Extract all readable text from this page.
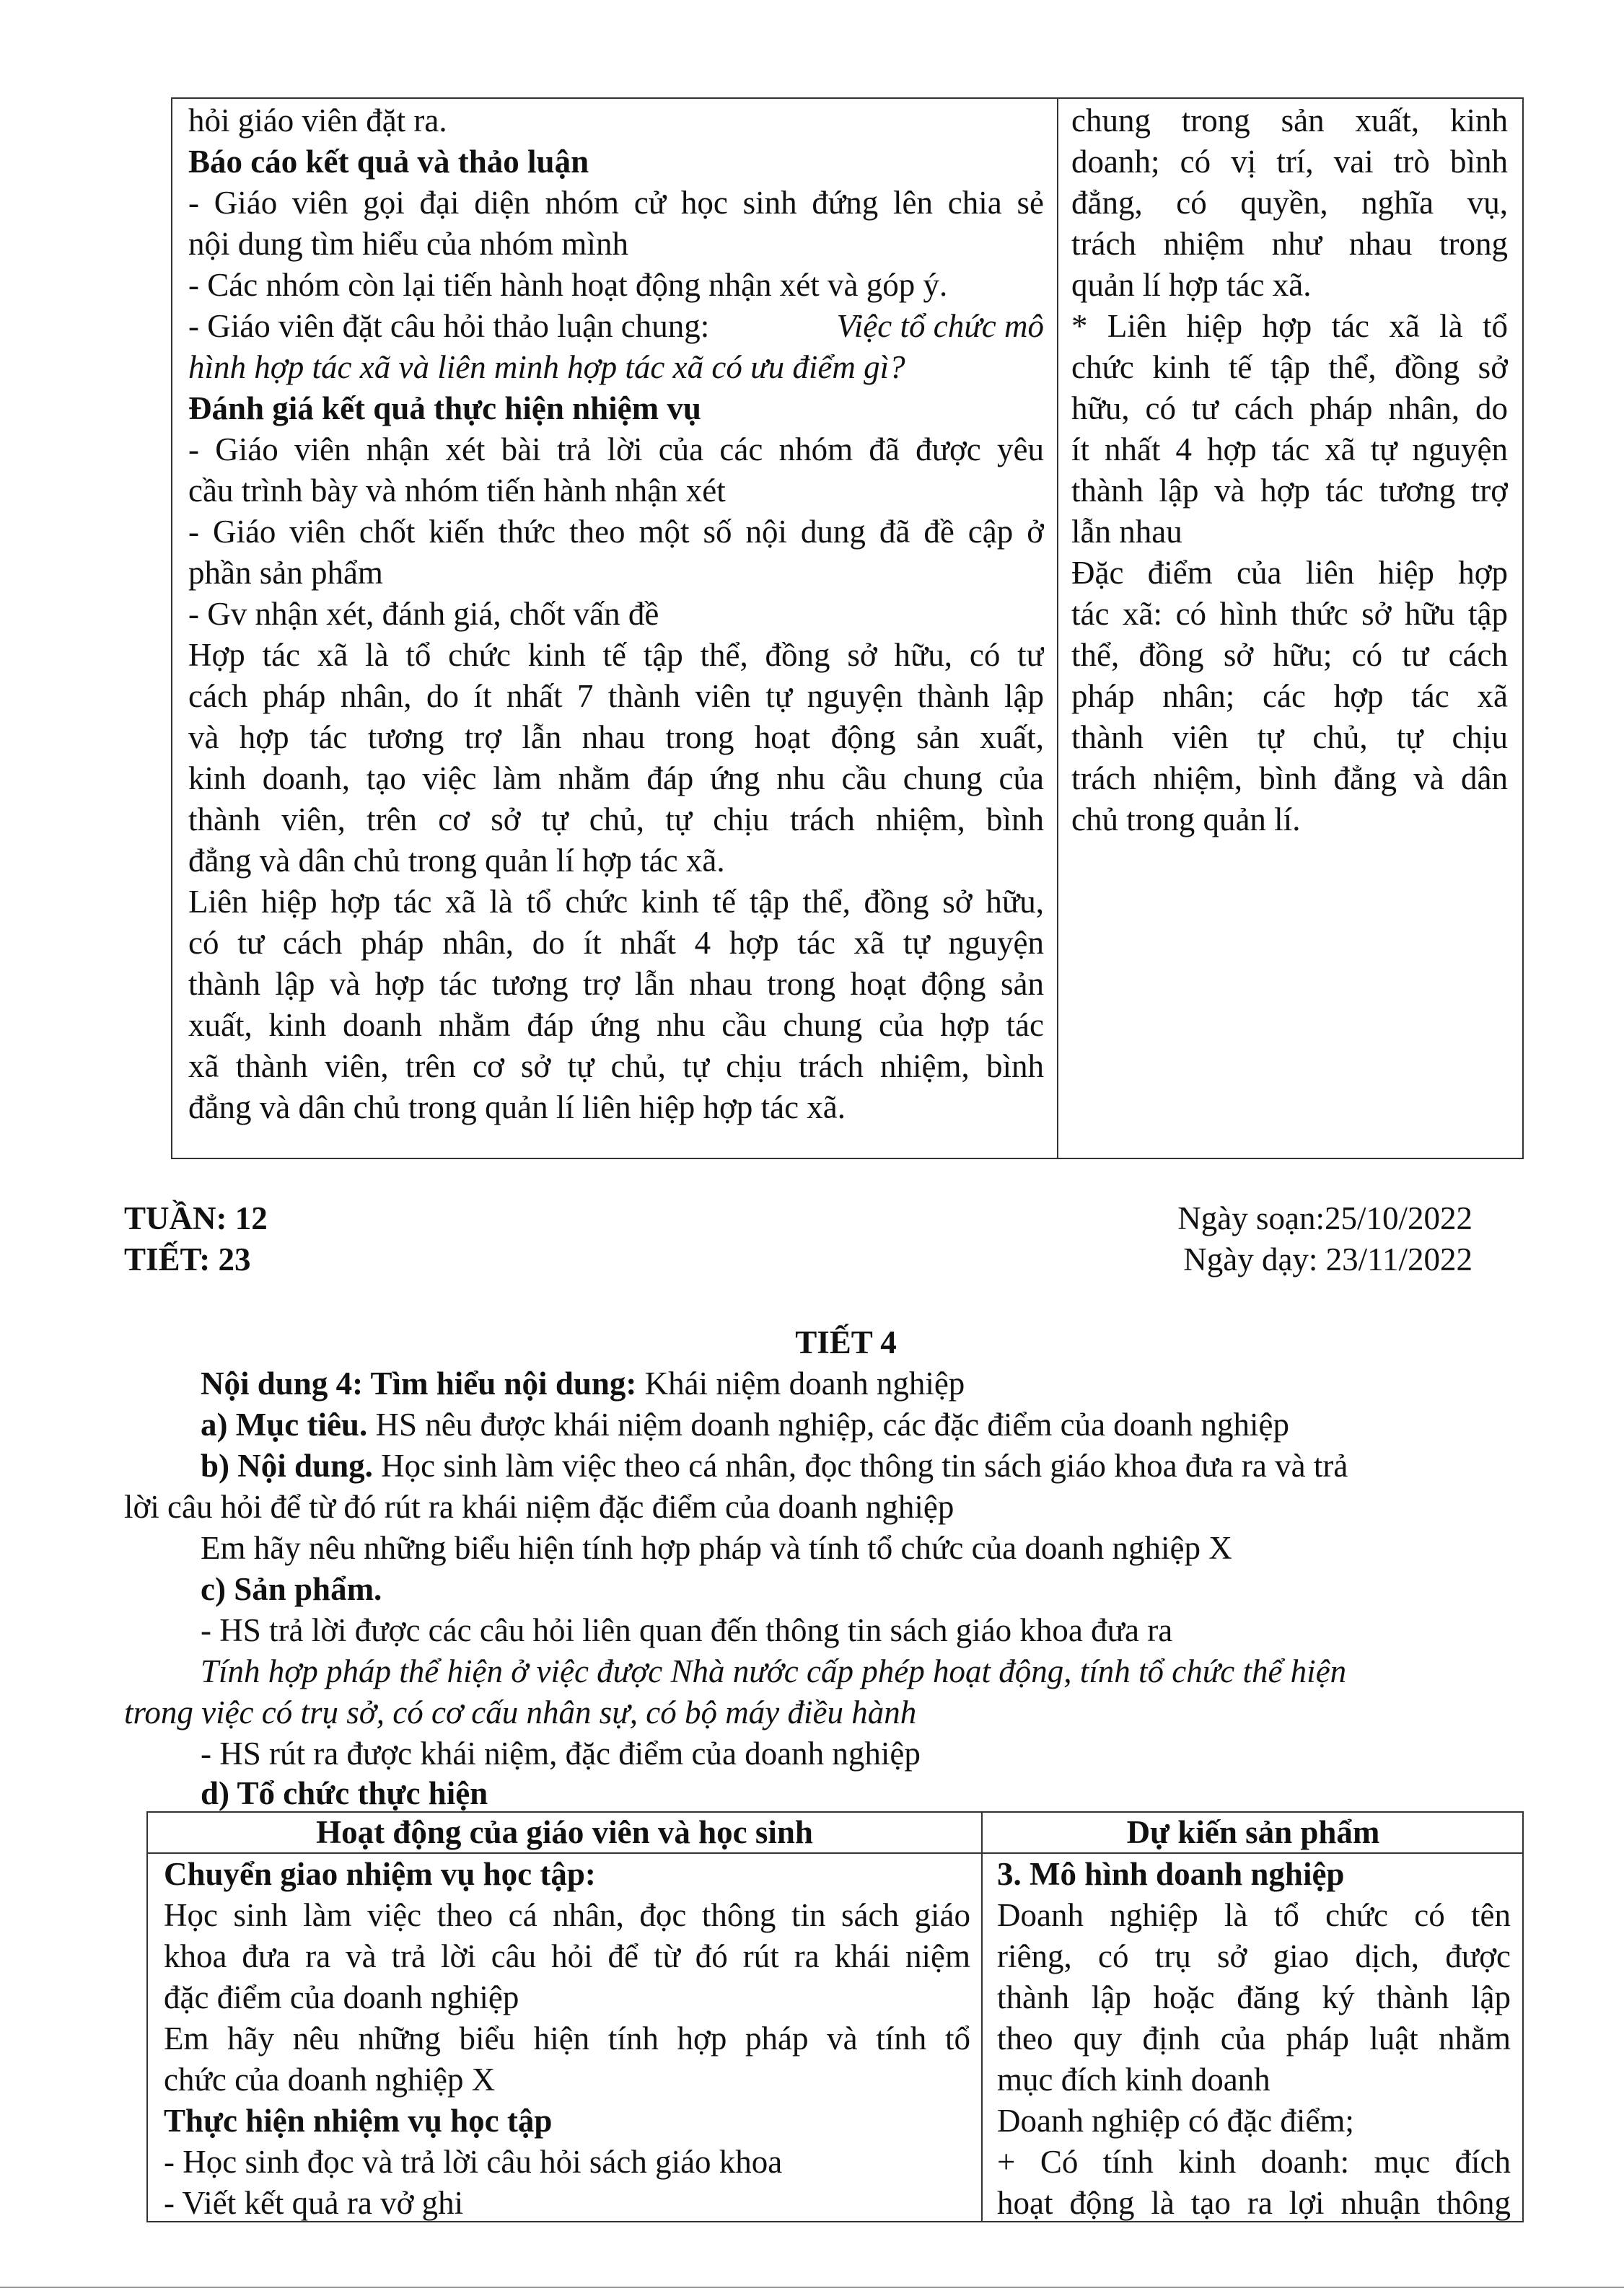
hỏi giáo viên đặt ra.
Báo cáo kết quả và thảo luận
- Giáo viên gọi đại diện nhóm cử học sinh đứng lên chia sẻ
nội dung tìm hiểu của nhóm mình
- Các nhóm còn lại tiến hành hoạt động nhận xét và góp ý.
- Giáo viên đặt câu hỏi thảo luận chung:	Việc tổ chức mô
hình hợp tác xã và liên minh hợp tác xã có ưu điểm gì?
Đánh giá kết quả thực hiện nhiệm vụ
- Giáo viên nhận xét bài trả lời của các nhóm đã được yêu
cầu trình bày và nhóm tiến hành nhận xét
- Giáo viên chốt kiến thức theo một số nội dung đã đề cập ở
phần sản phẩm
- Gv nhận xét, đánh giá, chốt vấn đề
Hợp tác xã là tổ chức kinh tế tập thể, đồng sở hữu, có tư
cách pháp nhân, do ít nhất 7 thành viên tự nguyện thành lập
và hợp tác tương trợ lẫn nhau trong hoạt động sản xuất,
kinh doanh, tạo việc làm nhằm đáp ứng nhu cầu chung của
thành viên, trên cơ sở tự chủ, tự chịu trách nhiệm, bình
đẳng và dân chủ trong quản lí hợp tác xã.
Liên hiệp hợp tác xã là tổ chức kinh tế tập thể, đồng sở hữu,
có tư cách pháp nhân, do ít nhất 4 hợp tác xã tự nguyện
thành lập và hợp tác tương trợ lẫn nhau trong hoạt động sản
xuất, kinh doanh nhằm đáp ứng nhu cầu chung của hợp tác
xã thành viên, trên cơ sở tự chủ, tự chịu trách nhiệm, bình
đẳng và dân chủ trong quản lí liên hiệp hợp tác xã.
chung trong sản xuất, kinh
doanh; có vị trí, vai trò bình
đẳng, có quyền, nghĩa vụ,
trách nhiệm như nhau trong
quản lí hợp tác xã.
* Liên hiệp hợp tác xã là tổ
chức kinh tế tập thể, đồng sở
hữu, có tư cách pháp nhân, do
ít nhất 4 hợp tác xã tự nguyện
thành lập và hợp tác tương trợ
lẫn nhau
Đặc điểm của liên hiệp hợp
tác xã: có hình thức sở hữu tập
thể, đồng sở hữu; có tư cách
pháp nhân; các hợp tác xã
thành viên tự chủ, tự chịu
trách nhiệm, bình đẳng và dân
chủ trong quản lí.
TUẦN: 12
TIẾT: 23
Ngày soạn:25/10/2022
Ngày dạy: 23/11/2022
TIẾT 4
Nội dung 4: Tìm hiểu nội dung: Khái niệm doanh nghiệp
a) Mục tiêu. HS nêu được khái niệm doanh nghiệp, các đặc điểm của doanh nghiệp
b) Nội dung. Học sinh làm việc theo cá nhân, đọc thông tin sách giáo khoa đưa ra và trả
lời câu hỏi để từ đó rút ra khái niệm đặc điểm của doanh nghiệp
Em hãy nêu những biểu hiện tính hợp pháp và tính tổ chức của doanh nghiệp X
c) Sản phẩm.
- HS trả lời được các câu hỏi liên quan đến thông tin sách giáo khoa đưa ra
Tính hợp pháp thể hiện ở việc được Nhà nước cấp phép hoạt động, tính tổ chức thể hiện
trong việc có trụ sở, có cơ cấu nhân sự, có bộ máy điều hành
- HS rút ra được khái niệm, đặc điểm của doanh nghiệp
d) Tổ chức thực hiện
Hoạt động của giáo viên và học sinh	Dự kiến sản phẩm
Chuyển giao nhiệm vụ học tập:
Học sinh làm việc theo cá nhân, đọc thông tin sách giáo
khoa đưa ra và trả lời câu hỏi để từ đó rút ra khái niệm
đặc điểm của doanh nghiệp
Em hãy nêu những biểu hiện tính hợp pháp và tính tổ
chức của doanh nghiệp X
Thực hiện nhiệm vụ học tập
- Học sinh đọc và trả lời câu hỏi sách giáo khoa
- Viết kết quả ra vở ghi
3. Mô hình doanh nghiệp
Doanh nghiệp là tổ chức có tên
riêng, có trụ sở giao dịch, được
thành lập hoặc đăng ký thành lập
theo quy định của pháp luật nhằm
mục đích kinh doanh
Doanh nghiệp có đặc điểm;
+ Có tính kinh doanh: mục đích
hoạt động là tạo ra lợi nhuận thông
